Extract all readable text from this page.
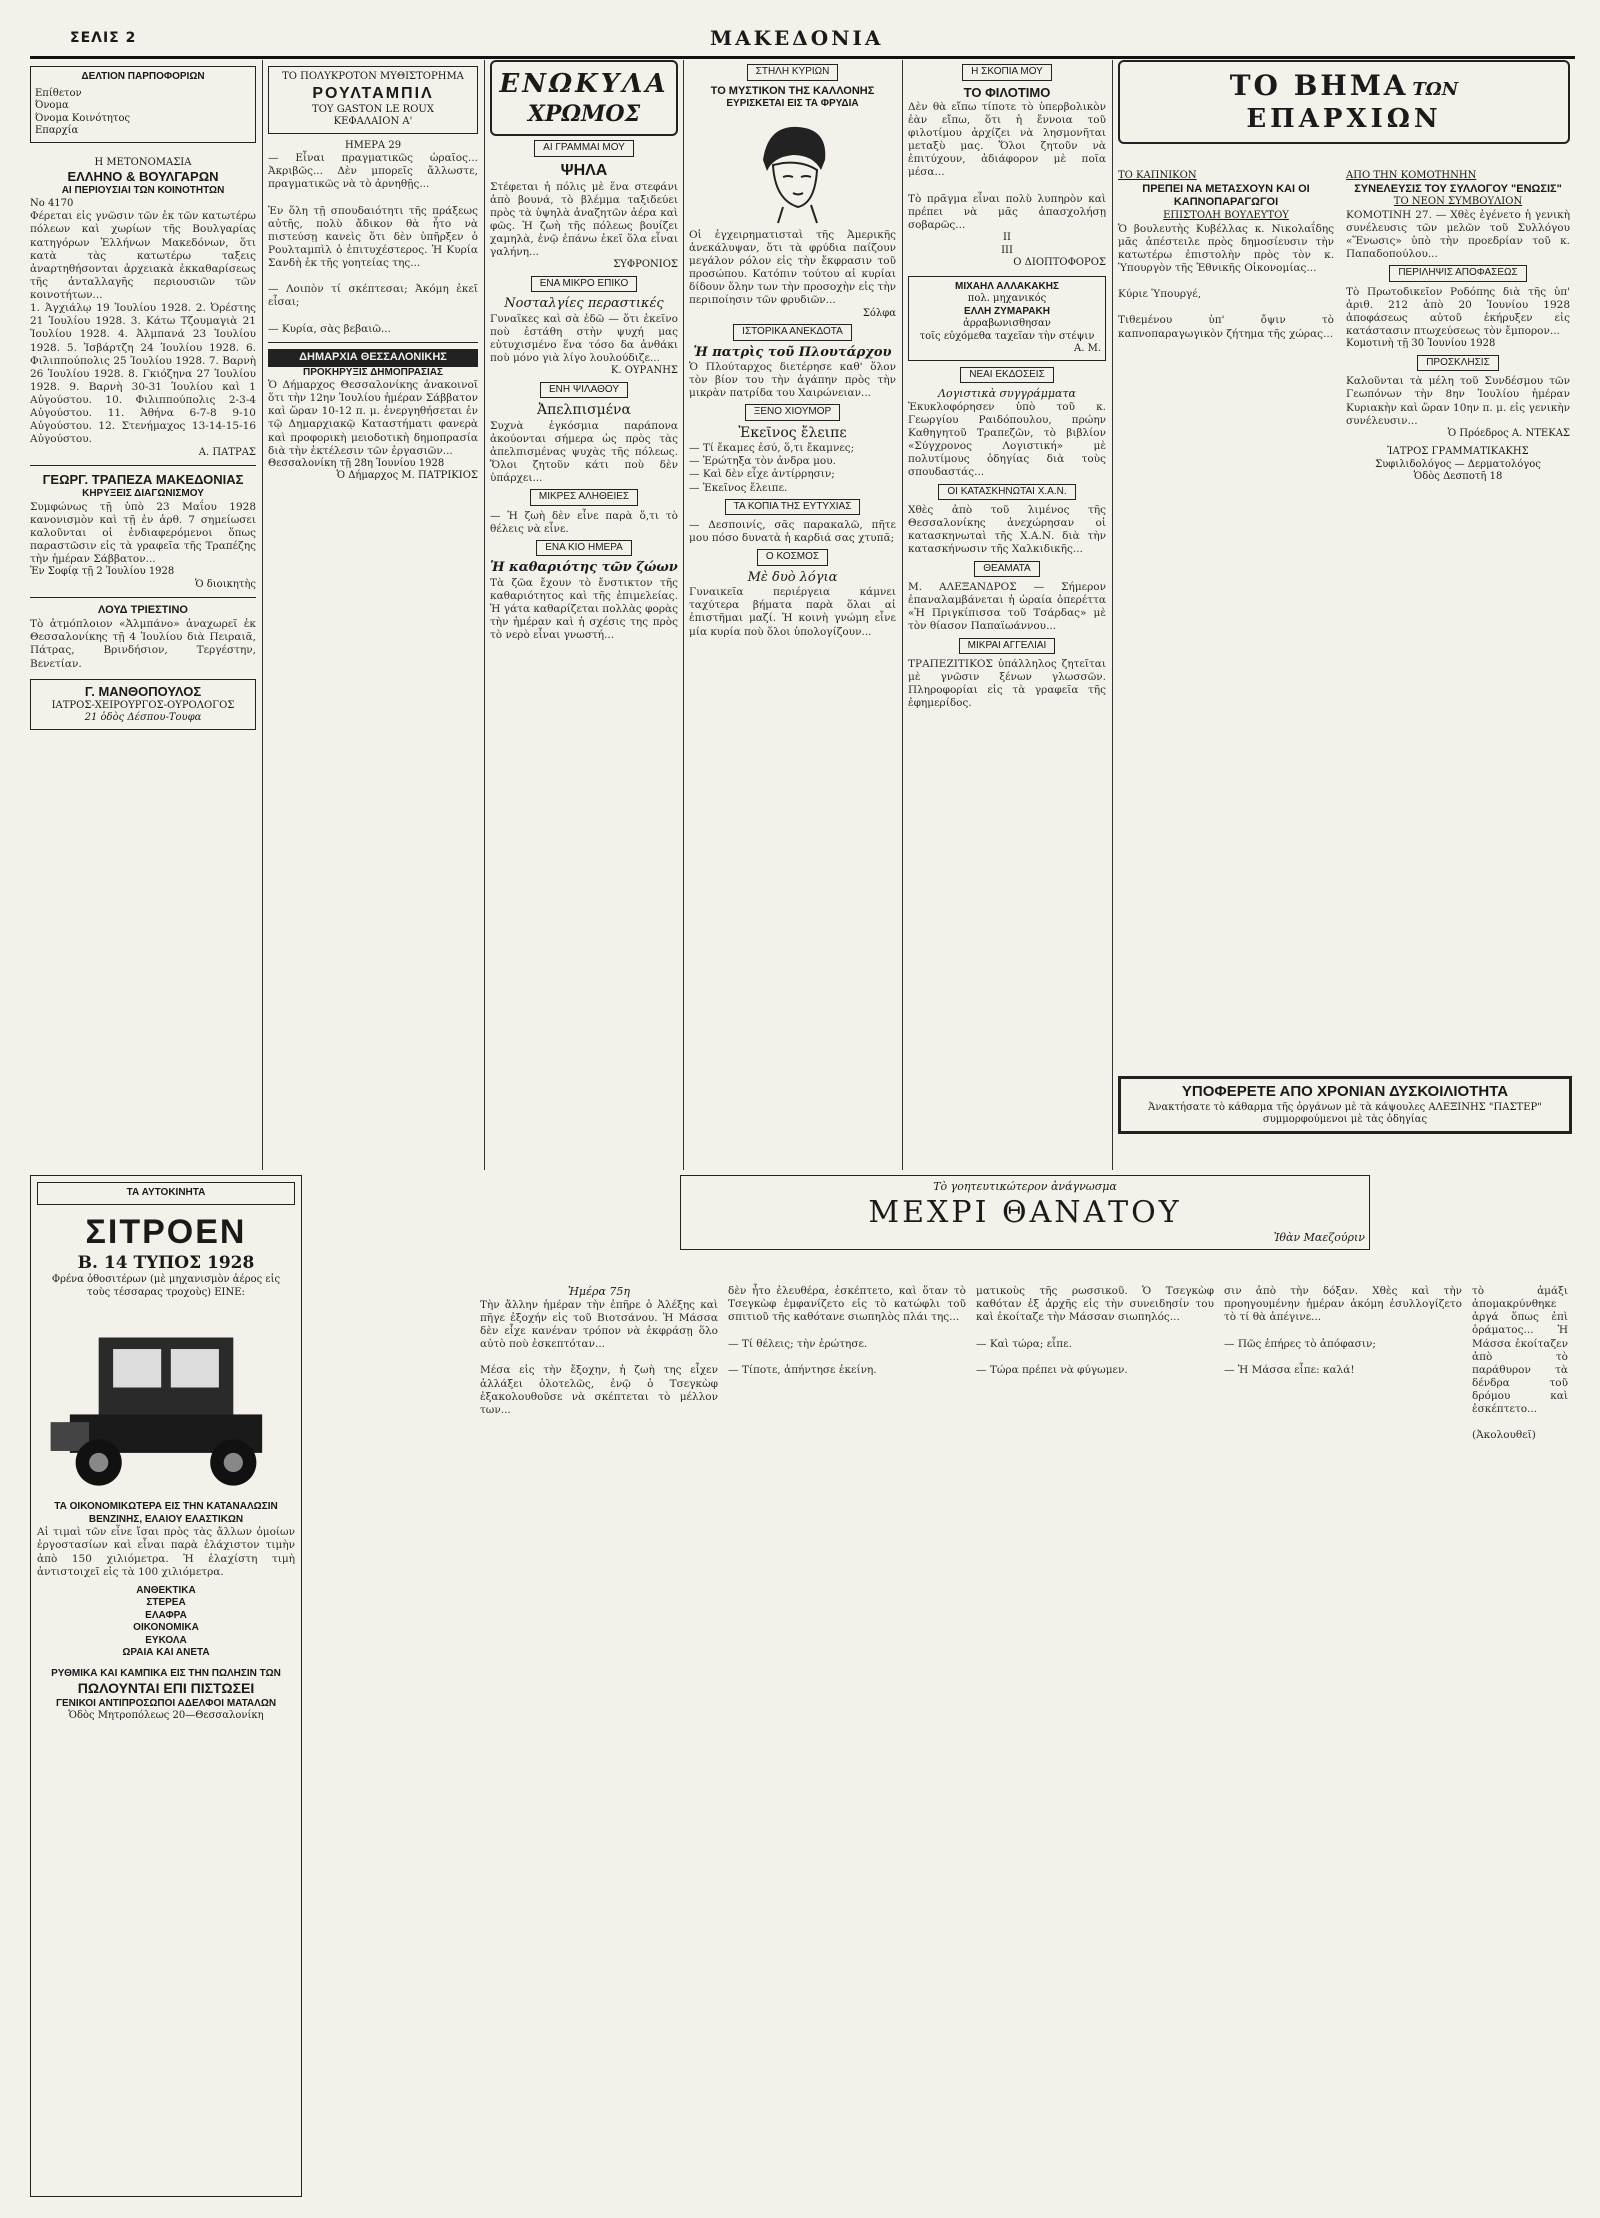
ΣΕΛΙΣ 2	ΜΑΚΕΔΟΝΙΑ
ΔΕΛΤΙΟΝ ΠΑΡΠΟΦΟΡΙΩΝ
Επίθετον
Όνομα
Όνομα Κοινότητος
Επαρχία
Η ΜΕΤΟΝΟΜΑΣΙΑ
ΕΛΛΗΝΟ & ΒΟΥΛΓΑΡΩΝ
ΑΙ ΠΕΡΙΟΥΣΙΑΙ ΤΩΝ ΚΟΙΝΟΤΗΤΩΝ
Νο 4170
Φέρεται εἰς γνῶσιν τῶν ἐκ τῶν κατωτέρω πόλεων καὶ χωρίων τῆς Βουλγαρίας κατηγόρων Ἑλλήνων Μακεδόνων, ὅτι κατὰ τὰς κατωτέρω ταξεις ἀναρτηθήσονται ἀρχειακὰ ἐκκαθαρίσεως τῆς ἀνταλλαγῆς περιουσιῶν τῶν κοινοτήτων...
1. Ἀγχιάλῳ 19 Ἰουλίου 1928. 2. Ὀρέστης 21 Ἰουλίου 1928. 3. Κάτω Τζουμαγιὰ 21 Ἰουλίου 1928. 4. Ἀλμπανά 23 Ἰουλίου 1928. 5. Ἰσβάρτζη 24 Ἰουλίου 1928. 6. Φιλιππούπολις 25 Ἰουλίου 1928. 7. Βαρνὴ 26 Ἰουλίου 1928. 8. Γκιόζηνα 27 Ἰουλίου 1928. 9. Βαρνὴ 30-31 Ἰουλίου καὶ 1 Αὐγούστου. 10. Φιλιππούπολις 2-3-4 Αὐγούστου. 11. Ἀθήνα 6-7-8 9-10 Αὐγούστου. 12. Στενήμαχος 13-14-15-16 Αὐγούστου.
Α. ΠΑΤΡΑΣ
ΓΕΩΡΓ. ΤΡΑΠΕΖΑ ΜΑΚΕΔΟΝΙΑΣ
ΚΗΡΥΞΕΙΣ ΔΙΑΓΩΝΙΣΜΟΥ
Συμφώνως τῇ ὑπὸ 23 Μαΐου 1928 κανονισμὸν καὶ τῇ ἐν ἀρθ. 7 σημείωσει καλοῦνται οἱ ἐνδιαφερόμενοι ὅπως παραστῶσιν εἰς τὰ γραφεῖα τῆς Τραπέζης τὴν ἡμέραν Σάββατον...
Ἐν Σοφίᾳ τῇ 2 Ἰουλίου 1928
Ὁ διοικητὴς
ΛΟΥΔ ΤΡΙΕΣΤΙΝΟ
Τὸ ἀτμόπλοιον «Ἀλμπάνο» ἀναχωρεῖ ἐκ Θεσσαλονίκης τῇ 4 Ἰουλίου διὰ Πειραιᾶ, Πάτρας, Βρινδήσιον, Τεργέστην, Βενετίαν.
Γ. ΜΑΝΘΟΠΟΥΛΟΣ
ΙΑΤΡΟΣ-ΧΕΙΡΟΥΡΓΟΣ-ΟΥΡΟΛΟΓΟΣ
21 ὁδὸς Δέσπου-Τουφα
ΤΟ ΠΟΛΥΚΡΟΤΟΝ ΜΥΘΙΣΤΟΡΗΜΑ
ΡΟΥΛΤΑΜΠΙΛ
ΤΟΥ GASTON LE ROUX
ΚΕΦΑΛΑΙΟΝ Α'
ΗΜΕΡΑ 29
— Εἶναι πραγματικῶς ὡραῖος... Ἀκριβῶς... Δὲν μπορεῖς ἄλλωστε, πραγματικῶς νὰ τὸ ἀρνηθῇς...

Ἐν ὅλη τῇ σπουδαιότητι τῆς πράξεως αὐτῆς, πολὺ ἄδικον θὰ ἦτο νὰ πιστεύσῃ κανεὶς ὅτι δὲν ὑπῆρξεν ὁ Ρουλταμπὶλ ὁ ἐπιτυχέστερος. Ἡ Κυρία Σανδὴ ἐκ τῆς γοητείας της...

— Λοιπὸν τί σκέπτεσαι; Ἀκόμη ἐκεῖ εἶσαι;

— Κυρία, σὰς βεβαιῶ...
ΔΗΜΑΡΧΙΑ ΘΕΣΣΑΛΟΝΙΚΗΣ
ΠΡΟΚΗΡΥΞΙΣ ΔΗΜΟΠΡΑΣΙΑΣ
Ὁ Δήμαρχος Θεσσαλονίκης ἀνακοινοῖ ὅτι τὴν 12ην Ἰουλίου ἡμέραν Σάββατον καὶ ὥραν 10-12 π. μ. ἐνεργηθήσεται ἐν τῷ Δημαρχιακῷ Καταστήματι φανερὰ καὶ προφορικὴ μειοδοτικὴ δημοπρασία διὰ τὴν ἐκτέλεσιν τῶν ἐργασιῶν...
Θεσσαλονίκη τῇ 28η Ἰουνίου 1928
Ὁ Δήμαρχος Μ. ΠΑΤΡΙΚΙΟΣ
ΕΝΩΚΥΛΑ
ΧΡΩΜΟΣ
ΑΙ ΓΡΑΜΜΑΙ ΜΟΥ
ΨΗΛΑ
Στέφεται ἡ πόλις μὲ ἕνα στεφάνι ἀπὸ βουνά, τὸ βλέμμα ταξιδεύει πρὸς τὰ ὑψηλὰ ἀναζητῶν ἀέρα καὶ φῶς. Ἡ ζωὴ τῆς πόλεως βουίζει χαμηλὰ, ἐνῷ ἐπάνω ἐκεῖ ὅλα εἶναι γαλήνη...
ΣΥΦΡΟΝΙΟΣ
ΕΝΑ ΜΙΚΡΟ ΕΠΙΚΟ
Νοσταλγίες περαστικές
Γυναῖκες καὶ σὰ ἐδῶ — ὅτι ἐκεῖνο ποὺ ἐστάθη στὴν ψυχή μας εὐτυχισμένο ἕνα τόσο δα ἀνθάκι ποὺ μόνο γιὰ λίγο λουλούδιζε...
Κ. ΟΥΡΑΝΗΣ
ΕΝΗ ΨΙΛΑΘΟΥ
Ἀπελπισμένα
Συχνὰ ἐγκόσμια παράπονα ἀκούονται σήμερα ὡς πρὸς τὰς ἀπελπισμένας ψυχὰς τῆς πόλεως. Ὅλοι ζητοῦν κάτι ποὺ δὲν ὑπάρχει...
ΜΙΚΡΕΣ ΑΛΗΘΕΙΕΣ
— Ἡ ζωὴ δὲν εἶνε παρὰ ὅ,τι τὸ θέλεις νὰ εἶνε.
ΕΝΑ ΚΙΟ ΗΜΕΡΑ
Ἡ καθαριότης τῶν ζώων
Τὰ ζῶα ἔχουν τὸ ἔνστικτον τῆς καθαριότητος καὶ τῆς ἐπιμελείας. Ἡ γάτα καθαρίζεται πολλὰς φορὰς τὴν ἡμέραν καὶ ἡ σχέσις της πρὸς τὸ νερὸ εἶναι γνωστή...
ΣΤΗΛΗ ΚΥΡΙΩΝ
ΤΟ ΜΥΣΤΙΚΟΝ ΤΗΣ ΚΑΛΛΟΝΗΣ
ΕΥΡΙΣΚΕΤΑΙ ΕΙΣ ΤΑ ΦΡΥΔΙΑ
Οἱ ἐγχειρηματισταὶ τῆς Ἀμερικῆς ἀνεκάλυψαν, ὅτι τὰ φρύδια παίζουν μεγάλον ρόλον εἰς τὴν ἔκφρασιν τοῦ προσώπου. Κατόπιν τούτου αἱ κυρίαι δίδουν ὅλην των τὴν προσοχὴν εἰς τὴν περιποίησιν τῶν φρυδιῶν...
Σόλφα
ΙΣΤΟΡΙΚΑ ΑΝΕΚΔΟΤΑ
Ἡ πατρὶς τοῦ Πλουτάρχου
Ὁ Πλούταρχος διετέρησε καθ' ὅλον τὸν βίον του τὴν ἀγάπην πρὸς τὴν μικρὰν πατρίδα του Χαιρώνειαν...
ΞΕΝΟ ΧΙΟΥΜΟΡ
Ἐκεῖνος ἔλειπε
— Τί ἔκαμες ἐσύ, ὅ,τι ἔκαμνες;
— Ἐρώτηξα τὸν ἀνδρα μου.
— Καὶ δὲν εἶχε ἀντίρρησιν;
— Ἐκεῖνος ἔλειπε.
ΤΑ ΚΟΠΙΑ ΤΗΣ ΕΥΤΥΧΙΑΣ
— Δεσποινίς, σᾶς παρακαλῶ, πῆτε μου πόσο δυνατὰ ἡ καρδιά σας χτυπᾶ;
Ο ΚΟΣΜΟΣ
Μὲ δυὸ λόγια
Γυναικεῖα περιέργεια κάμνει ταχύτερα βήματα παρὰ ὅλαι αἱ ἐπιστῆμαι μαζί. Ἡ κοινὴ γνώμη εἶνε μία κυρία ποὺ ὅλοι ὑπολογίζουν...
Η ΣΚΟΠΙΑ ΜΟΥ
ΤΟ ΦΙΛΟΤΙΜΟ
Δὲν θὰ εἴπω τίποτε τὸ ὑπερβολικὸν ἐὰν εἴπω, ὅτι ἡ ἔννοια τοῦ φιλοτίμου ἀρχίζει νὰ λησμονῆται μεταξὺ μας. Ὅλοι ζητοῦν νὰ ἐπιτύχουν, ἀδιάφορον μὲ ποῖα μέσα...

Τὸ πρᾶγμα εἶναι πολὺ λυπηρὸν καὶ πρέπει νὰ μᾶς ἀπασχολήσῃ σοβαρῶς...
II
III
Ο ΔΙΟΠΤΟΦΟΡΟΣ
ΜΙΧΑΗΛ ΑΛΛΑΚΑΚΗΣ
πολ. μηχανικός
ΕΛΛΗ ΖΥΜΑΡΑΚΗ
ἀρραβωνισθησαν
τοῖς εὐχόμεθα ταχεῖαν τὴν στέψιν
Α. Μ.
ΝΕΑΙ ΕΚΔΟΣΕΙΣ
Λογιστικὰ συγγράμματα
Ἐκυκλοφόρησεν ὑπὸ τοῦ κ. Γεωργίου Ραιδόπουλου, πρώην Καθηγητοῦ Τραπεζῶν, τὸ βιβλίον «Σύγχρονος Λογιστική» μὲ πολυτίμους ὁδηγίας διὰ τοὺς σπουδαστάς...
ΟΙ ΚΑΤΑΣΚΗΝΩΤΑΙ Χ.Α.Ν.
Χθὲς ἀπὸ τοῦ λιμένος τῆς Θεσσαλονίκης ἀνεχώρησαν οἱ κατασκηνωταὶ τῆς Χ.Α.Ν. διὰ τὴν κατασκήνωσιν τῆς Χαλκιδικῆς...
ΘΕΑΜΑΤΑ
Μ. ΑΛΕΞΑΝΔΡΟΣ — Σήμερον ἐπαναλαμβάνεται ἡ ὡραία ὀπερέττα «Ἡ Πριγκίπισσα τοῦ Τσάρδας» μὲ τὸν θίασον Παπαϊωάννου...
ΜΙΚΡΑΙ ΑΓΓΕΛΙΑΙ
ΤΡΑΠΕΖΙΤΙΚΟΣ ὑπάλληλος ζητεῖται μὲ γνῶσιν ξένων γλωσσῶν. Πληροφορίαι εἰς τὰ γραφεῖα τῆς ἐφημερίδος.
ΤΟ ΒΗΜΑ ΤΩΝ
ΕΠΑΡΧΙΩΝ
ΤΟ ΚΑΠΝΙΚΟΝ
ΠΡΕΠΕΙ ΝΑ ΜΕΤΑΣΧΟΥΝ ΚΑΙ ΟΙ ΚΑΠΝΟΠΑΡΑΓΩΓΟΙ
ΕΠΙΣΤΟΛΗ ΒΟΥΛΕΥΤΟΥ
Ὁ βουλευτὴς Κυβέλλας κ. Νικολαΐδης μᾶς ἀπέστειλε πρὸς δημοσίευσιν τὴν κατωτέρω ἐπιστολὴν πρὸς τὸν κ. Ὑπουργὸν τῆς Ἐθνικῆς Οἰκονομίας...

Κύριε Ὑπουργέ,

Τιθεμένου ὑπ' ὄψιν τὸ καπνοπαραγωγικὸν ζήτημα τῆς χώρας...
ΑΠΟ ΤΗΝ ΚΟΜΟΤΗΝΗΝ
ΣΥΝΕΛΕΥΣΙΣ ΤΟΥ ΣΥΛΛΟΓΟΥ "ΕΝΩΣΙΣ"
ΤΟ ΝΕΟΝ ΣΥΜΒΟΥΛΙΟΝ
ΚΟΜΟΤΙΝΗ 27. — Χθὲς ἐγένετο ἡ γενικὴ συνέλευσις τῶν μελῶν τοῦ Συλλόγου «Ἕνωσις» ὑπὸ τὴν προεδρίαν τοῦ κ. Παπαδοπούλου...
ΠΕΡΙΛΗΨΙΣ ΑΠΟΦΑΣΕΩΣ
Τὸ Πρωτοδικεῖον Ροδόπης διὰ τῆς ὑπ' ἀριθ. 212 ἀπὸ 20 Ἰουνίου 1928 ἀποφάσεως αὐτοῦ ἐκήρυξεν εἰς κατάστασιν πτωχεύσεως τὸν ἔμπορον...
Κομοτινὴ τῇ 30 Ἰουνίου 1928
ΠΡΟΣΚΛΗΣΙΣ
Καλοῦνται τὰ μέλη τοῦ Συνδέσμου τῶν Γεωπόνων τὴν 8ην Ἰουλίου ἡμέραν Κυριακὴν καὶ ὥραν 10ην π. μ. εἰς γενικὴν συνέλευσιν...
Ὁ Πρόεδρος Α. ΝΤΕΚΑΣ
ἸΑΤΡΟΣ ΓΡΑΜΜΑΤΙΚΑΚΗΣ
Συφιλιδολόγος — Δερματολόγος
Ὁδὸς Δεσποτῆ 18
ΥΠΟΦΕΡΕΤΕ ΑΠΟ ΧΡΟΝΙΑΝ ΔΥΣΚΟΙΛΙΟΤΗΤΑ
Ἀνακτήσατε τὸ κάθαρμα τῆς ὀργάνων μὲ τὰ κάψουλες ΑΛΕΞΙΝΗΣ "ΠΑΣΤΕΡ" συμμορφούμενοι μὲ τὰς ὁδηγίας
ΤΑ ΑΥΤΟΚΙΝΗΤΑ
ΣΙΤΡΟΕΝ
Β. 14 ΤΥΠΟΣ 1928
Φρένα ὀθοσιτέρων (μὲ μηχανισμὸν ἀέρος εἰς τοὺς τέσσαρας τροχοὺς) ΕΙΝΕ:
ΤΑ ΟΙΚΟΝΟΜΙΚΩΤΕΡΑ ΕΙΣ ΤΗΝ ΚΑΤΑΝΑΛΩΣΙΝ ΒΕΝΖΙΝΗΣ, ΕΛΑΙΟΥ ΕΛΑΣΤΙΚΩΝ
Αἱ τιμαὶ τῶν εἶνε ἴσαι πρὸς τὰς ἄλλων ὁμοίων ἐργοστασίων καὶ εἶναι παρὰ ἐλάχιστον τιμὴν ἀπὸ 150 χιλιόμετρα. Ἡ ἐλαχίστη τιμὴ ἀντιστοιχεῖ εἰς τὰ 100 χιλιόμετρα.
ΑΝΘΕΚΤΙΚΑ
ΣΤΕΡΕΑ
ΕΛΑΦΡΑ
ΟΙΚΟΝΟΜΙΚΑ
ΕΥΚΟΛΑ
ΩΡΑΙΑ ΚΑΙ ΑΝΕΤΑ
ΡΥΘΜΙΚΑ ΚΑΙ ΚΑΜΠΙΚΑ ΕΙΣ ΤΗΝ ΠΩΛΗΣΙΝ ΤΩΝ
ΠΩΛΟΥΝΤΑΙ ΕΠΙ ΠΙΣΤΩΣΕΙ
ΓΕΝΙΚΟΙ ΑΝΤΙΠΡΟΣΩΠΟΙ ΑΔΕΛΦΟΙ ΜΑΤΑΛΩΝ
Ὁδὸς Μητροπόλεως 20—Θεσσαλονίκη
Τὸ γοητευτικώτερον ἀνάγνωσμα
ΜΕΧΡΙ ΘΑΝΑΤΟΥ
Ἰθὰν Μαεζούριν
Ἡμέρα 75η
Τὴν ἄλλην ἡμέραν τὴν ἐπῆρε ὁ Ἀλέξης καὶ πῆγε ἐξοχήν εἰς τοῦ Βιοτσάνου. Ἡ Μάσσα δὲν εἶχε κανέναν τρόπον νὰ ἐκφράσῃ ὅλο αὐτὸ ποὺ ἐσκεπτόταν...

Μέσα εἰς τὴν ἔξοχην, ἡ ζωὴ της εἶχεν ἀλλάξει ὁλοτελῶς, ἐνῷ ὁ Τσεγκὼφ ἐξακολουθοῦσε νὰ σκέπτεται τὸ μέλλον των...
δὲν ἦτο ἐλευθέρα, ἐσκέπτετο, καὶ ὅταν τὸ Τσεγκὼφ ἐμφανίζετο εἰς τὸ κατώφλι τοῦ σπιτιοῦ τῆς καθότανε σιωπηλὸς πλάι της...

— Τί θέλεις; τὴν ἐρώτησε.

— Τίποτε, ἀπήντησε ἐκείνη.
ματικοὺς τῆς ρωσσικοῦ. Ὁ Τσεγκὼφ καθόταν ἐξ ἀρχῆς εἰς τὴν συνειδησίν του καὶ ἐκοίταζε τὴν Μάσσαν σιωπηλός...

— Καὶ τώρα; εἶπε.

— Τώρα πρέπει νὰ φύγωμεν.
σιν ἀπὸ τὴν δόξαν. Χθὲς καὶ τὴν προηγουμένην ἡμέραν ἀκόμη ἐσυλλογίζετο τὸ τί θὰ ἀπέγινε...

— Πῶς ἐπήρες τὸ ἀπόφασιν;

— Ἡ Μάσσα εἶπε: καλά!
τὸ ἀμάξι ἀπομακρύνθηκε ἀργά ὅπως ἐπὶ ὁράματος... Ἡ Μάσσα ἐκοίταζεν ἀπὸ τὸ παράθυρον τὰ δένδρα τοῦ δρόμου καὶ ἐσκέπτετο...

(Ἀκολουθεῖ)
